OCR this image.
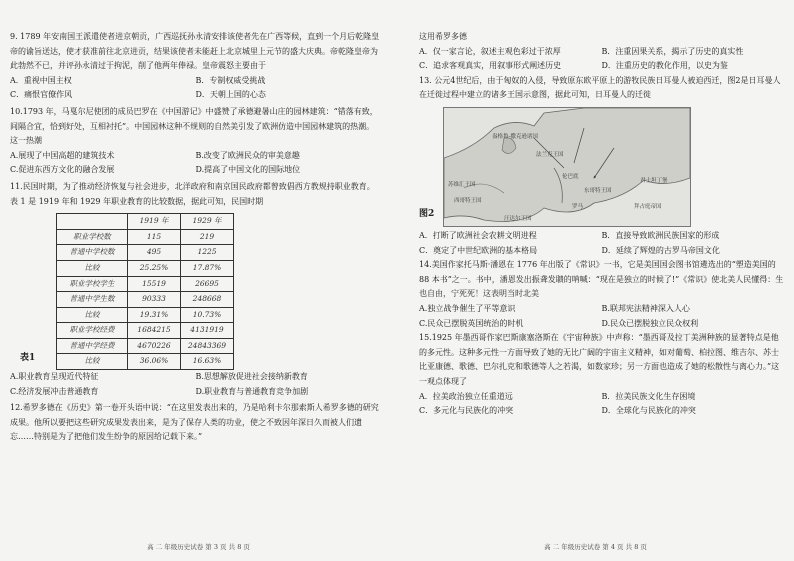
9. 1789 年安南国王派遣使者进京朝贡，广西巡抚孙永清安排该使者先在广西等候，直到一个月后乾隆皇帝的谕旨送达，使才获准前往北京进贡，结果该使者未能赶上北京城里上元节的盛大庆典。帝乾隆皇帝为此勃然不已，并评孙永清过于拘泥，削了他两年俸禄。皇帝震怒主要由于

A．重视中国主权	B．专制权威受挑战
C．痛恨官僚作风	D．天朝上国的心态

10.1793 年，马戛尔尼使团的成员巴罗在《中国游记》中盛赞了承德避暑山庄的园林建筑：“错落有致，间隔合宜，恰到好处，互相衬托”。中国园林这种不规则的自然美引发了欧洲仿造中国园林建筑的热潮。这一热潮

A.展现了中国高超的建筑技术	B.改变了欧洲民众的审美意趣
C.促进东西方文化的融合发展	D.提高了中国文化的国际地位

11.民国时期，为了推动经济恢复与社会进步，北洋政府和南京国民政府都曾致倡西方教规持职业教育。表 1 是 1919 年和 1929 年职业教育的比较数据，据此可知，民国时期

	1919 年	1929 年
职业学校数	115	219
普通中学校数	495	1225
比较	25.25%	17.87%
职业学校学生	15519	26695
普通中学生数	90333	248668
比较	19.31%	10.73%
职业学校经费	1684215	4131919
普通中学经费	4670226	24843369
比较	36.06%	16.63%
表1
A.职业教育呈现近代特征	B.思想解放促进社会接纳新教育
C.经济发展冲击普通教育	D.职业教育与普通教育竞争加剧

12.希罗多德在《历史》第一卷开头语中说：“在这里发表出来的，乃是哈利卡尔那索斯人希罗多德的研究成果。他所以要把这些研究成果发表出来，是为了保存人类的功业，使之不致因年深日久而被人们遗忘……特别是为了把他们发生纷争的原因给记载下来。”

高 二 年级历史试卷 第 3 页 共 8 页

这用希罗多德

A．仅一家言论，叙述主观色彩过于浓厚	B．注重因果关系，揭示了历史的真实性
C．追求客观真实，用叙事形式阐述历史	D．注重历史的教化作用，以史为鉴

13. 公元4世纪后，由于匈奴的入侵，导致原东欧平原上的游牧民族日耳曼人被迫西迁，图2是日耳曼人在迁徙过程中建立的诸多王国示意图，据此可知，日耳曼人的迁徙

图2
盎格鲁-撒克逊诸国
法兰克王国
伦巴底
东哥特王国
西哥特王国
汪达尔王国
苏维汇王国
拜占庭帝国
罗马
君士坦丁堡
A．打断了欧洲社会农耕文明进程	B．直接导致欧洲民族国家的形成
C．奠定了中世纪欧洲的基本格局	D．延续了辉煌的古罗马帝国文化

14.美国作家托马斯·潘恩在 1776 年出版了《常识》一书，它是美国国会图书馆遴选出的“塑造美国的 88 本书”之一。书中，潘恩发出振聋发聩的呐喊：“现在是独立的时候了!”《常识》使北美人民懂得：生也自由，宁死死！这表明当时北美

A.独立战争催生了平等意识	B.联邦宪法精神深入人心
C.民众已摆脱英国统治的时机	D.民众已摆脱独立民众权利

15.1925 年墨西哥作家巴斯康塞洛斯在《宇宙种族》中声称：“墨西哥及拉丁美洲种族的显著特点是他的多元性。这种多元性一方面导致了她的无比广阔的宇宙主义精神，如对葡萄、柏拉图、维吉尔、苏士比亚康德、歌德、巴尔扎克和歌德等人之若渴，如数家珍；另一方面也造成了她的松散性与离心力。”这一观点体现了

A．拉美政治独立任重道远	B．拉美民族文化生存困境
C．多元化与民族化的冲突	D．全球化与民族化的冲突
高 二 年级历史试卷 第 4 页 共 8 页
